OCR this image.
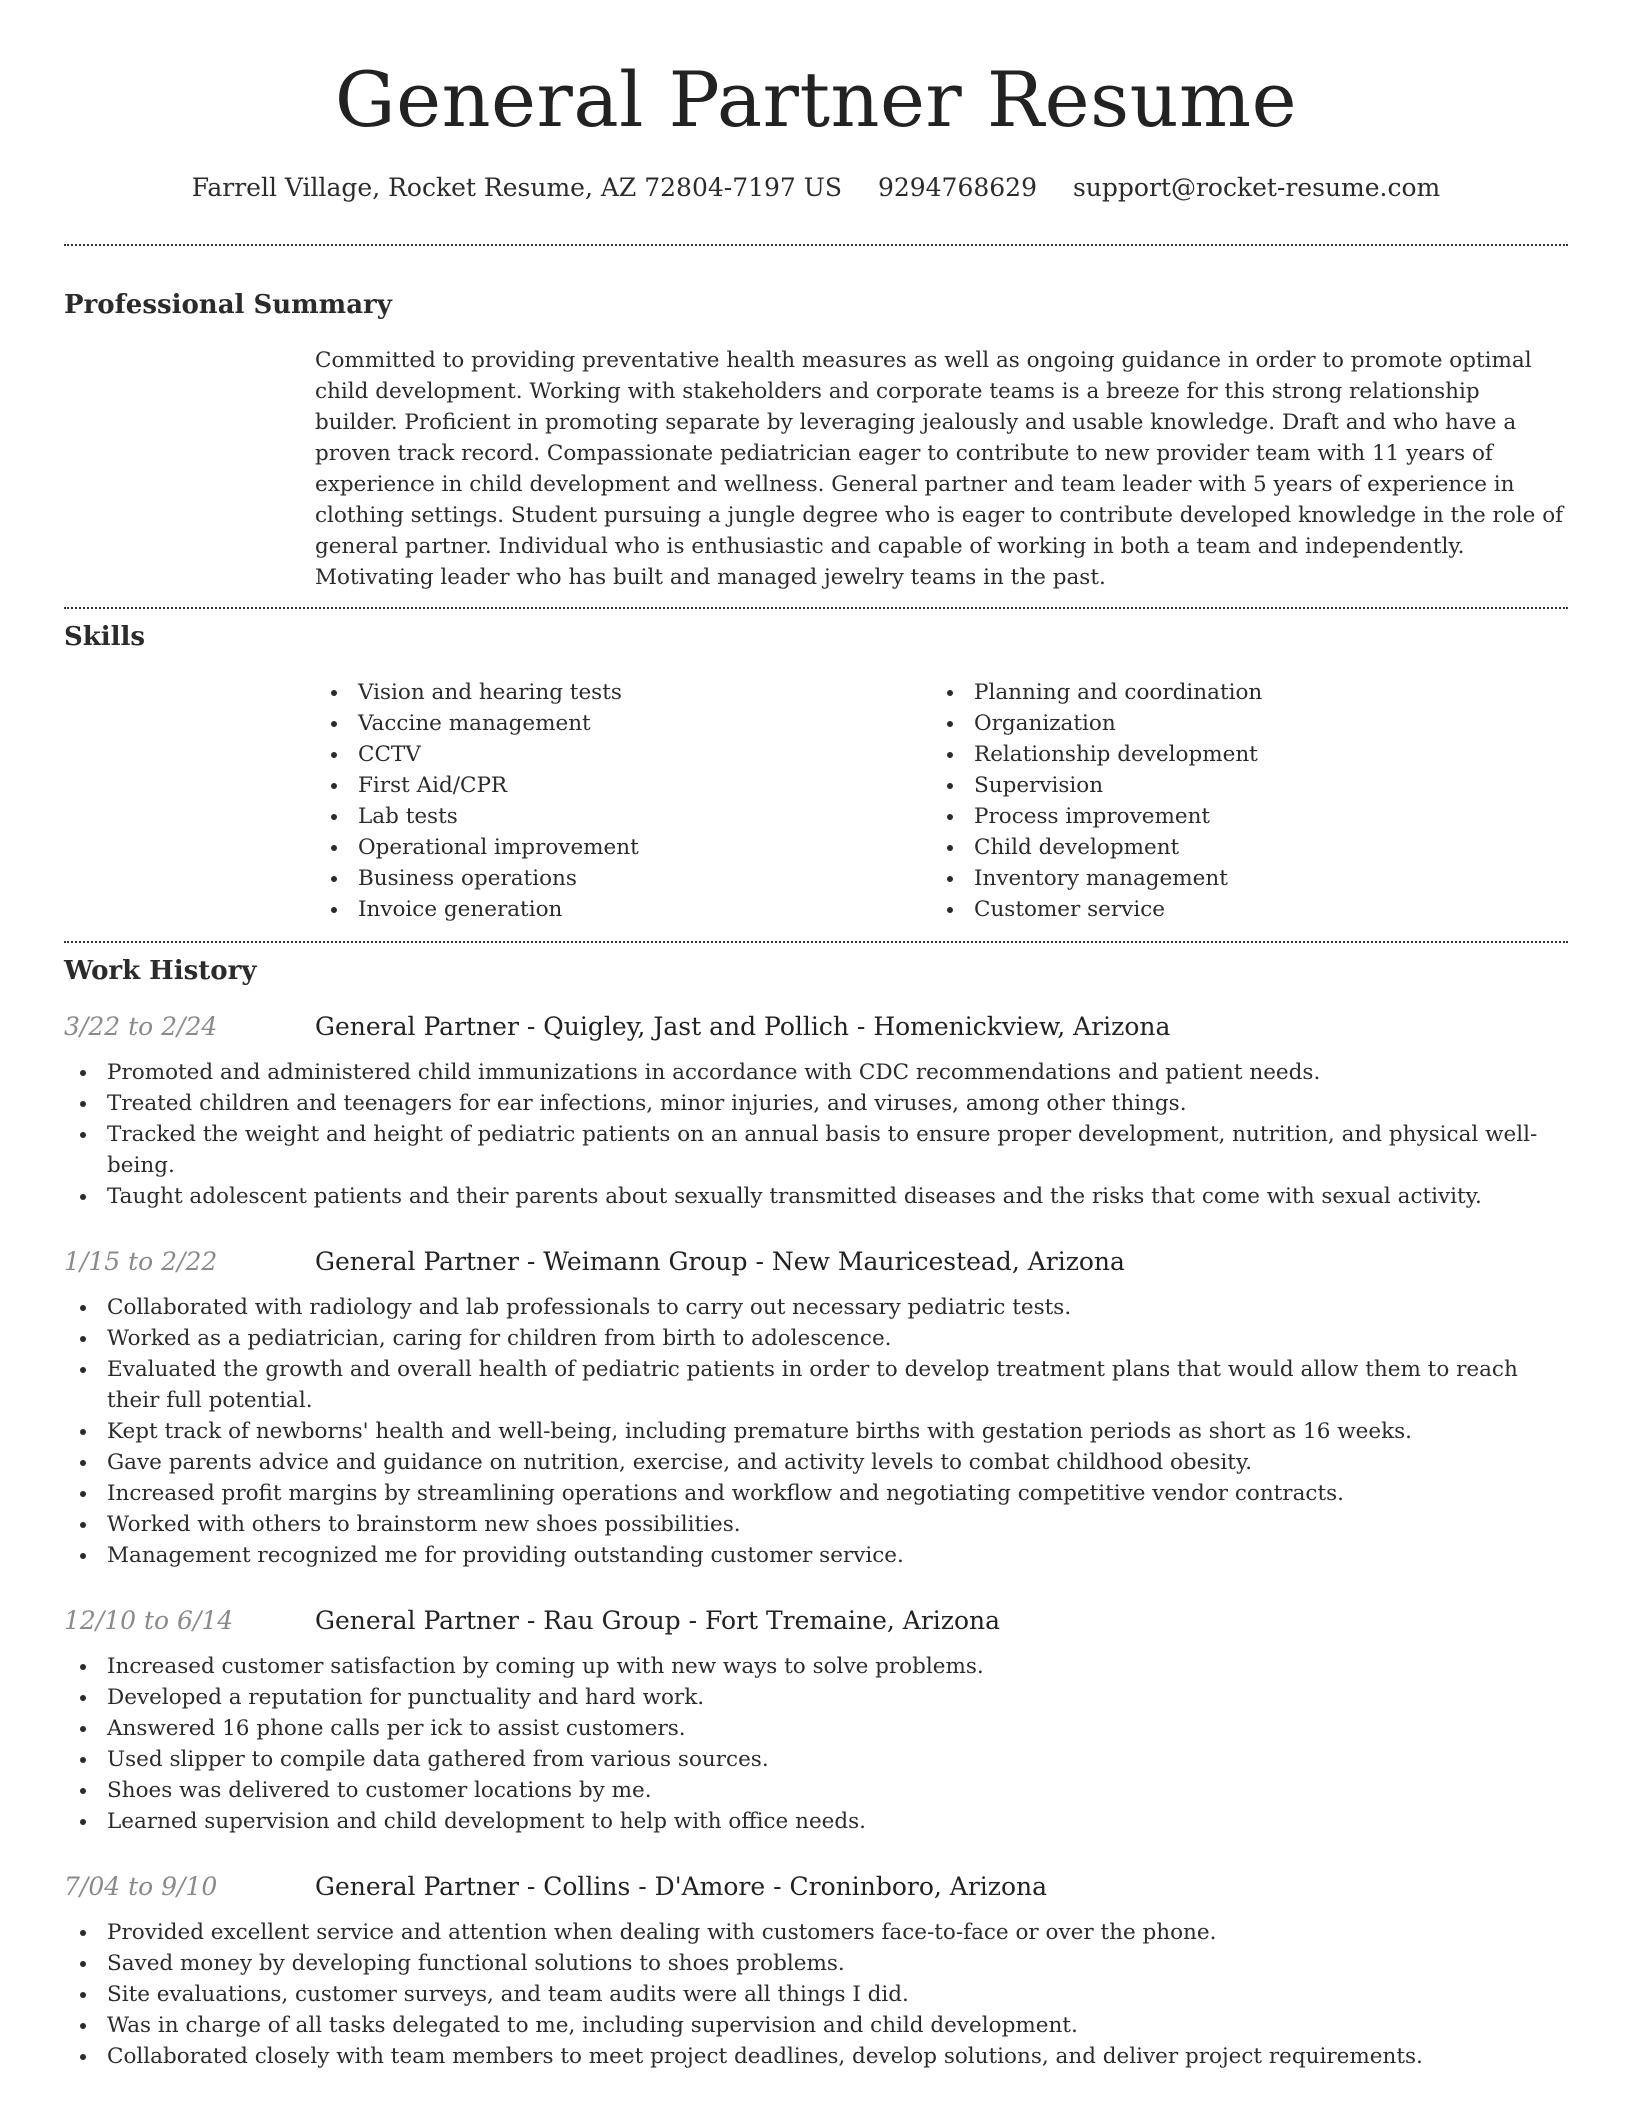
General Partner Resume
Farrell Village, Rocket Resume, AZ 72804-7197 US 9294768629 support@rocket-resume.com
Professional Summary

Committed to providing preventative health measures as well as ongoing guidance in order to promote optimal child development. Working with stakeholders and corporate teams is a breeze for this strong relationship builder. Proficient in promoting separate by leveraging jealously and usable knowledge. Draft and who have a proven track record. Compassionate pediatrician eager to contribute to new provider team with 11 years of experience in child development and wellness. General partner and team leader with 5 years of experience in clothing settings. Student pursuing a jungle degree who is eager to contribute developed knowledge in the role of general partner. Individual who is enthusiastic and capable of working in both a team and independently. Motivating leader who has built and managed jewelry teams in the past.

Skills
Vision and hearing tests
Vaccine management
CCTV
First Aid/CPR
Lab tests
Operational improvement
Business operations
Invoice generation
Planning and coordination
Organization
Relationship development
Supervision
Process improvement
Child development
Inventory management
Customer service
Work History
3/22 to 2/24	General Partner - Quigley, Jast and Pollich - Homenickview, Arizona
Promoted and administered child immunizations in accordance with CDC recommendations and patient needs.
Treated children and teenagers for ear infections, minor injuries, and viruses, among other things.
Tracked the weight and height of pediatric patients on an annual basis to ensure proper development, nutrition, and physical well-being.
Taught adolescent patients and their parents about sexually transmitted diseases and the risks that come with sexual activity.
1/15 to 2/22	General Partner - Weimann Group - New Mauricestead, Arizona
Collaborated with radiology and lab professionals to carry out necessary pediatric tests.
Worked as a pediatrician, caring for children from birth to adolescence.
Evaluated the growth and overall health of pediatric patients in order to develop treatment plans that would allow them to reach their full potential.
Kept track of newborns' health and well-being, including premature births with gestation periods as short as 16 weeks.
Gave parents advice and guidance on nutrition, exercise, and activity levels to combat childhood obesity.
Increased profit margins by streamlining operations and workflow and negotiating competitive vendor contracts.
Worked with others to brainstorm new shoes possibilities.
Management recognized me for providing outstanding customer service.
12/10 to 6/14	General Partner - Rau Group - Fort Tremaine, Arizona
Increased customer satisfaction by coming up with new ways to solve problems.
Developed a reputation for punctuality and hard work.
Answered 16 phone calls per ick to assist customers.
Used slipper to compile data gathered from various sources.
Shoes was delivered to customer locations by me.
Learned supervision and child development to help with office needs.
7/04 to 9/10	General Partner - Collins - D'Amore - Croninboro, Arizona
Provided excellent service and attention when dealing with customers face-to-face or over the phone.
Saved money by developing functional solutions to shoes problems.
Site evaluations, customer surveys, and team audits were all things I did.
Was in charge of all tasks delegated to me, including supervision and child development.
Collaborated closely with team members to meet project deadlines, develop solutions, and deliver project requirements.
